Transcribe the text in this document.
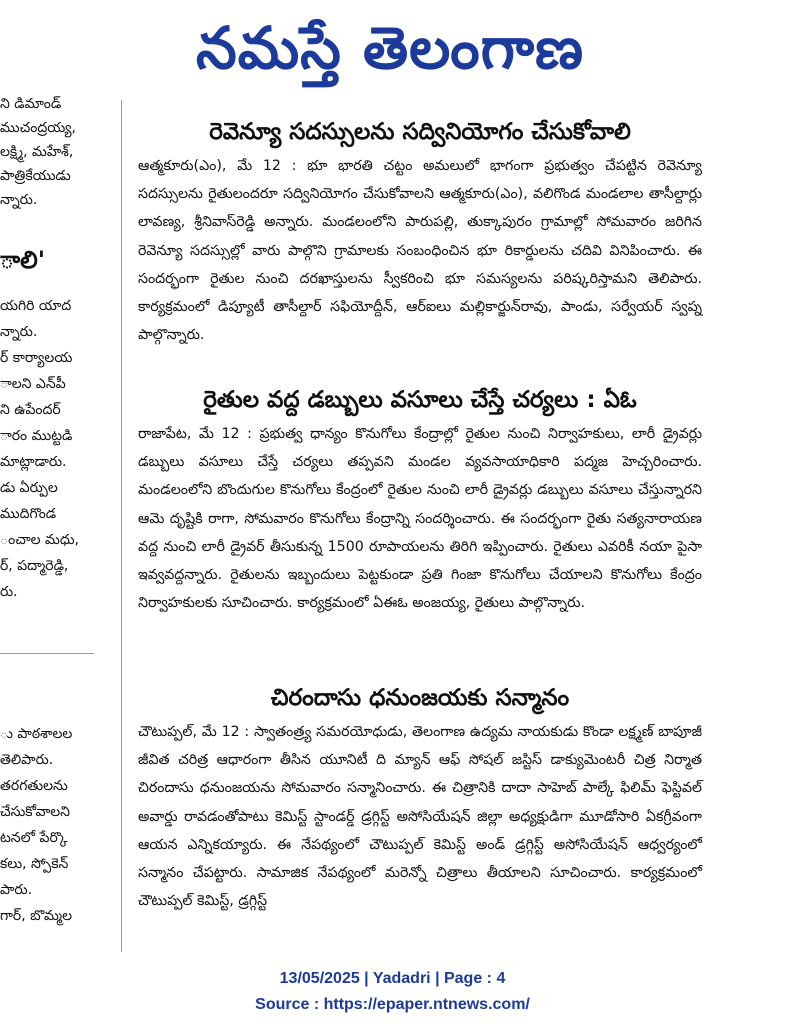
నమస్తే తెలంగాణ
ని డిమాండ్
ముచంద్రయ్య,
లక్ష్మి, మహేశ్,
పాత్రికేయుడు
న్నారు.
ాలి'
యగిరి యాద
న్నారు.
ర్ కార్యాలయ
ాలని ఎన్‌పీ
ని ఉపేందర్
ారం ముట్టడి
మాట్లాడారు.
డు ఏర్పుల
ముదిగొండ
ంచాల మధు,
ర్, పద్మారెడ్డి,
రు.
ు పాఠశాలల
తెలిపారు.
తరగతులను
చేసుకోవాలని
టనలో పేర్కొ
కలు, స్పోకెన్
పారు.
గార్, బొమ్మల
రెవెన్యూ సదస్సులను సద్వినియోగం చేసుకోవాలి

ఆత్మకూరు(ఎం), మే 12 : భూ భారతి చట్టం అమలులో భాగంగా ప్రభుత్వం చేపట్టిన రెవెన్యూ సదస్సులను రైతులందరూ సద్వినియోగం చేసుకోవాలని ఆత్మకూరు(ఎం), వలిగొండ మండలాల తాసీల్దార్లు లావణ్య, శ్రీనివాస్‌రెడ్డి అన్నారు. మండలంలోని పారుపల్లి, తుక్కాపురం గ్రామాల్లో సోమవారం జరిగిన రెవెన్యూ సదస్సుల్లో వారు పాల్గొని గ్రామాలకు సంబంధించిన భూ రికార్డులను చదివి వినిపించారు. ఈ సందర్భంగా రైతుల నుంచి దరఖాస్తులను స్వీకరించి భూ సమస్యలను పరిష్కరిస్తామని తెలిపారు. కార్యక్రమంలో డిప్యూటీ తాసీల్దార్ సఫియోద్దీన్, ఆర్‌ఐలు మల్లికార్జున్‌రావు, పాండు, సర్వేయర్ స్వప్న పాల్గొన్నారు.

రైతుల వద్ద డబ్బులు వసూలు చేస్తే చర్యలు : ఏఓ

రాజాపేట, మే 12 : ప్రభుత్వ ధాన్యం కొనుగోలు కేంద్రాల్లో రైతుల నుంచి నిర్వాహకులు, లారీ డ్రైవర్లు డబ్బులు వసూలు చేస్తే చర్యలు తప్పవని మండల వ్యవసాయాధికారి పద్మజ హెచ్చరించారు. మండలంలోని బొందుగుల కొనుగోలు కేంద్రంలో రైతుల నుంచి లారీ డ్రైవర్లు డబ్బులు వసూలు చేస్తున్నారని ఆమె దృష్టికి రాగా, సోమవారం కొనుగోలు కేంద్రాన్ని సందర్శించారు. ఈ సందర్భంగా రైతు సత్యనారాయణ వద్ద నుంచి లారీ డ్రైవర్ తీసుకున్న 1500 రూపాయలను తిరిగి ఇప్పించారు. రైతులు ఎవరికీ నయా పైసా ఇవ్వవద్దన్నారు. రైతులను ఇబ్బందులు పెట్టకుండా ప్రతి గింజా కొనుగోలు చేయాలని కొనుగోలు కేంద్రం నిర్వాహకులకు సూచించారు. కార్యక్రమంలో ఏఈఓ అంజయ్య, రైతులు పాల్గొన్నారు.

చిరందాసు ధనుంజయకు సన్మానం

చౌటుప్పల్, మే 12 : స్వాతంత్ర్య సమరయోధుడు, తెలంగాణ ఉద్యమ నాయకుడు కొండా లక్ష్మణ్ బాపూజీ జీవిత చరిత్ర ఆధారంగా తీసిన యూనిటీ ది మ్యాన్ ఆఫ్ సోషల్ జస్టిస్ డాక్యుమెంటరీ చిత్ర నిర్మాత చిరందాసు ధనుంజయను సోమవారం సన్మానించారు. ఈ చిత్రానికి దాదా సాహెబ్ పాల్కే ఫిలిమ్ ఫెస్టివల్ అవార్డు రావడంతోపాటు కెమిస్ట్ స్టాండర్డ్ డ్రగ్గిస్ట్ అసోసియేషన్ జిల్లా అధ్యక్షుడిగా మూడోసారి ఏకగ్రీవంగా ఆయన ఎన్నికయ్యారు. ఈ నేపథ్యంలో చౌటుప్పల్ కెమిస్ట్ అండ్ డ్రగ్గిస్ట్ అసోసియేషన్ ఆధ్వర్యంలో సన్మానం చేపట్టారు. సామాజిక నేపథ్యంలో మరెన్నో చిత్రాలు తీయాలని సూచించారు. కార్యక్రమంలో చౌటుప్పల్ కెమిస్ట్, డ్రగ్గిస్ట్

13/05/2025 | Yadadri | Page : 4
Source : https://epaper.ntnews.com/
